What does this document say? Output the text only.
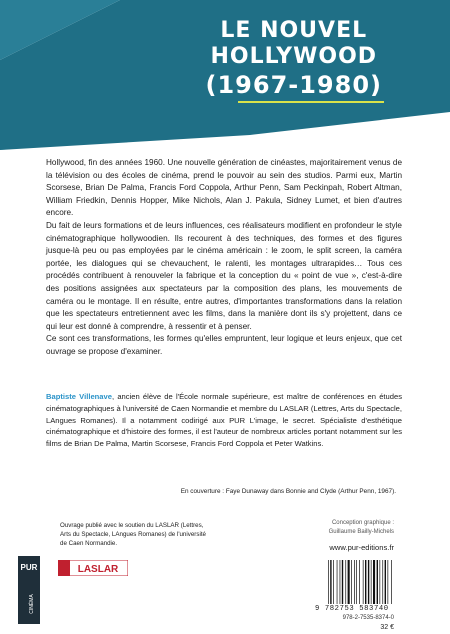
LE NOUVEL
HOLLYWOOD
(1967-1980)

Hollywood, fin des années 1960. Une nouvelle génération de cinéastes, majoritairement venus de la télévision ou des écoles de cinéma, prend le pouvoir au sein des studios. Parmi eux, Martin Scorsese, Brian De Palma, Francis Ford Coppola, Arthur Penn, Sam Peckinpah, Robert Altman, William Friedkin, Dennis Hopper, Mike Nichols, Alan J. Pakula, Sidney Lumet, et bien d'autres encore.

Du fait de leurs formations et de leurs influences, ces réalisateurs modifient en profondeur le style cinématographique hollywoodien. Ils recourent à des techniques, des formes et des figures jusque-là peu ou pas employées par le cinéma américain : le zoom, le split screen, la caméra portée, les dialogues qui se chevauchent, le ralenti, les montages ultrarapides… Tous ces procédés contribuent à renouveler la fabrique et la conception du « point de vue », c'est-à-dire des positions assignées aux spectateurs par la composition des plans, les mouvements de caméra ou le montage. Il en résulte, entre autres, d'importantes transformations dans la relation que les spectateurs entretiennent avec les films, dans la manière dont ils s'y projettent, dans ce qui leur est donné à comprendre, à ressentir et à penser.

Ce sont ces transformations, les formes qu'elles empruntent, leur logique et leurs enjeux, que cet ouvrage se propose d'examiner.

Baptiste Villenave, ancien élève de l'École normale supérieure, est maître de conférences en études cinématographiques à l'université de Caen Normandie et membre du LASLAR (Lettres, Arts du Spectacle, LAngues Romanes). Il a notamment codirigé aux PUR L'image, le secret. Spécialiste d'esthétique cinématographique et d'histoire des formes, il est l'auteur de nombreux articles portant notamment sur les films de Brian De Palma, Martin Scorsese, Francis Ford Coppola et Peter Watkins.
En couverture : Faye Dunaway dans Bonnie and Clyde (Arthur Penn, 1967).
Ouvrage publié avec le soutien du LASLAR (Lettres, Arts du Spectacle, LAngues Romanes) de l'université de Caen Normandie.
PUR
CINÉMA
LASLAR
Conception graphique :
Guillaume Bailly-Michels
www.pur-editions.fr
9 782753 583740
978-2-7535-8374-0
32 €
